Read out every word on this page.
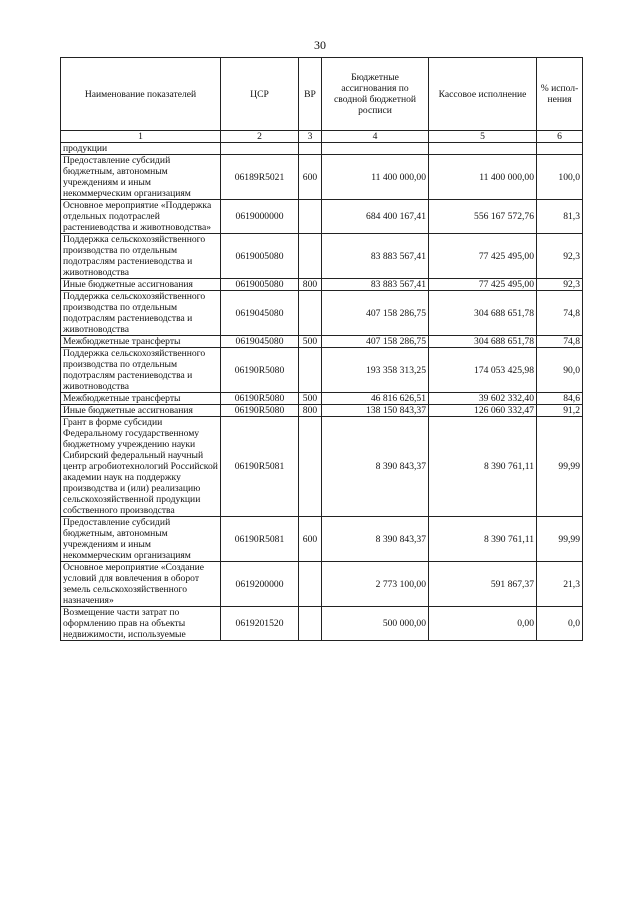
30
Наименование показателей	ЦСР	ВР	Бюджетные ассигнования по сводной бюджетной росписи	Кассовое исполнение	% испол-нения
1	2	3	4	5	6
продукции					
Предоставление субсидий бюджетным, автономным учреждениям и иным некоммерческим организациям	06189R5021	600	11 400 000,00	11 400 000,00	100,0
Основное мероприятие «Поддержка отдельных подотраслей растениеводства и животноводства»	0619000000		684 400 167,41	556 167 572,76	81,3
Поддержка сельскохозяйственного производства по отдельным подотраслям растениеводства и животноводства	0619005080		83 883 567,41	77 425 495,00	92,3
Иные бюджетные ассигнования	0619005080	800	83 883 567,41	77 425 495,00	92,3
Поддержка сельскохозяйственного производства по отдельным подотраслям растениеводства и животноводства	0619045080		407 158 286,75	304 688 651,78	74,8
Межбюджетные трансферты	0619045080	500	407 158 286,75	304 688 651,78	74,8
Поддержка сельскохозяйственного производства по отдельным подотраслям растениеводства и животноводства	06190R5080		193 358 313,25	174 053 425,98	90,0
Межбюджетные трансферты	06190R5080	500	46 816 626,51	39 602 332,40	84,6
Иные бюджетные ассигнования	06190R5080	800	138 150 843,37	126 060 332,47	91,2
Грант в форме субсидии Федеральному государственному бюджетному учреждению науки Сибирский федеральный научный центр агробиотехнологий Российской академии наук на поддержку производства и (или) реализацию сельскохозяйственной продукции собственного производства	06190R5081		8 390 843,37	8 390 761,11	99,99
Предоставление субсидий бюджетным, автономным учреждениям и иным некоммерческим организациям	06190R5081	600	8 390 843,37	8 390 761,11	99,99
Основное мероприятие «Создание условий для вовлечения в оборот земель сельскохозяйственного назначения»	0619200000		2 773 100,00	591 867,37	21,3
Возмещение части затрат по оформлению прав на объекты недвижимости, используемые	0619201520		500 000,00	0,00	0,0
